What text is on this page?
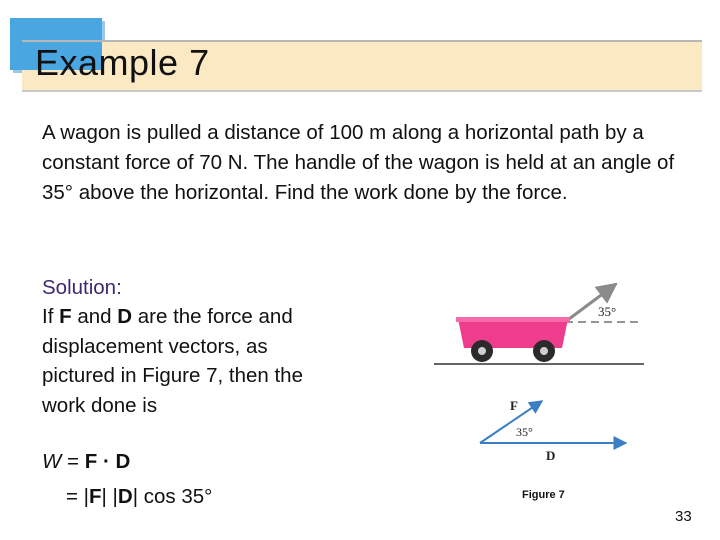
Example 7

A wagon is pulled a distance of 100 m along a horizontal path by a constant force of 70 N. The handle of the wagon is held at an angle of 35° above the horizontal. Find the work done by the force.

Solution:

If F and D are the force and displacement vectors, as pictured in Figure 7, then the work done is

W = F · D

= |F| |D| cos 35°

35°
F
35°
D

Figure 7

33
